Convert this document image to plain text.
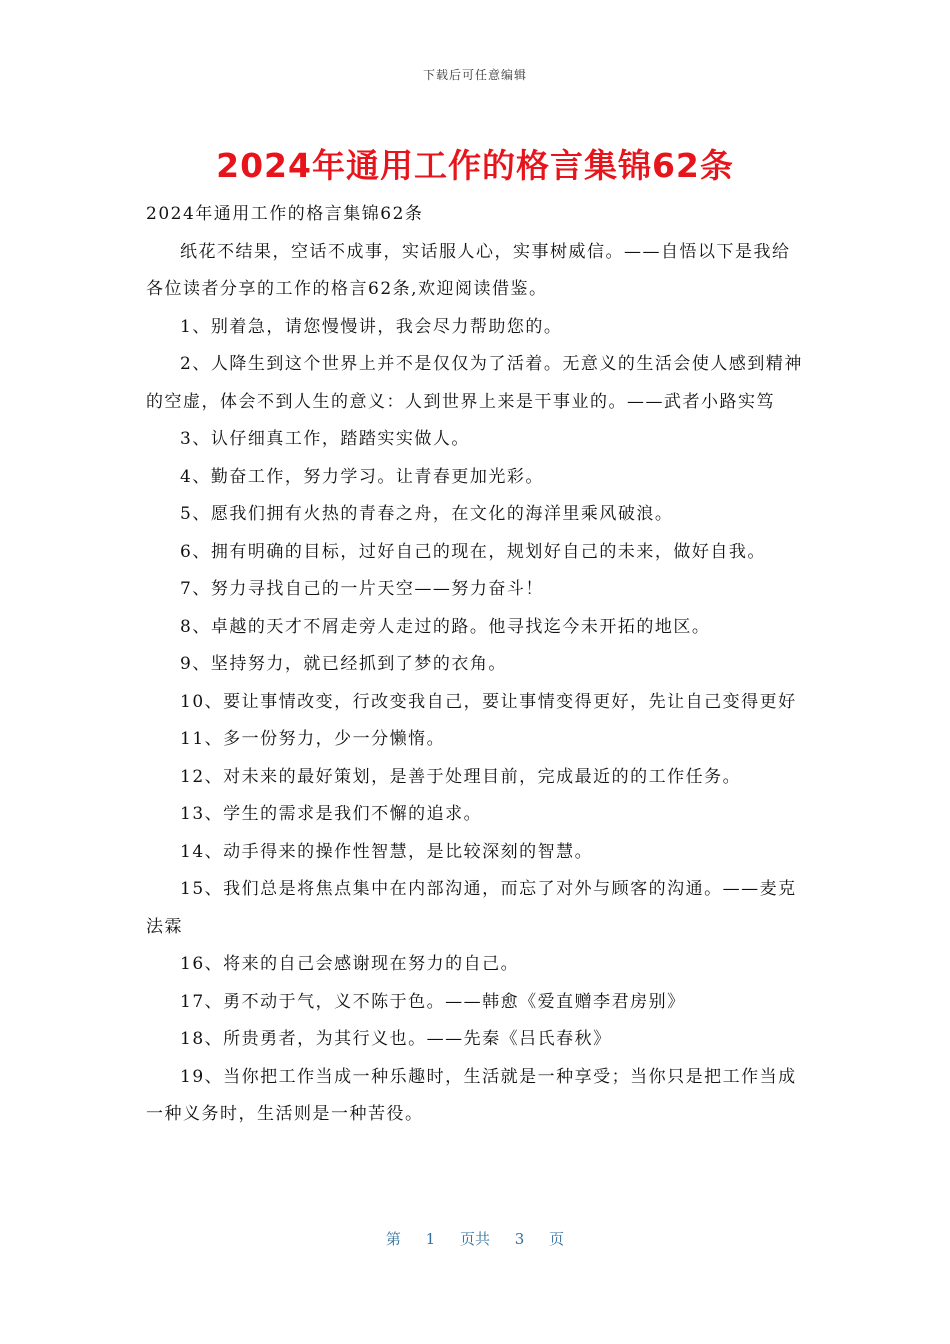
下载后可任意编辑
2024年通用工作的格言集锦62条

2024年通用工作的格言集锦62条

纸花不结果，空话不成事，实话服人心，实事树威信。——自悟以下是我给各位读者分享的工作的格言62条,欢迎阅读借鉴。

1、别着急，请您慢慢讲，我会尽力帮助您的。

2、人降生到这个世界上并不是仅仅为了活着。无意义的生活会使人感到精神的空虚，体会不到人生的意义：人到世界上来是干事业的。——武者小路实笃

3、认仔细真工作，踏踏实实做人。

4、勤奋工作，努力学习。让青春更加光彩。

5、愿我们拥有火热的青春之舟，在文化的海洋里乘风破浪。

6、拥有明确的目标，过好自己的现在，规划好自己的未来，做好自我。

7、努力寻找自己的一片天空——努力奋斗！

8、卓越的天才不屑走旁人走过的路。他寻找迄今未开拓的地区。

9、坚持努力，就已经抓到了梦的衣角。

10、要让事情改变，行改变我自己，要让事情变得更好，先让自己变得更好

11、多一份努力，少一分懒惰。

12、对未来的最好策划，是善于处理目前，完成最近的的工作任务。

13、学生的需求是我们不懈的追求。

14、动手得来的操作性智慧，是比较深刻的智慧。

15、我们总是将焦点集中在内部沟通，而忘了对外与顾客的沟通。——麦克法霖

16、将来的自己会感谢现在努力的自己。

17、勇不动于气，义不陈于色。——韩愈《爱直赠李君房别》

18、所贵勇者，为其行义也。——先秦《吕氏春秋》

19、当你把工作当成一种乐趣时，生活就是一种享受；当你只是把工作当成一种义务时，生活则是一种苦役。

第 1 页共 3 页
